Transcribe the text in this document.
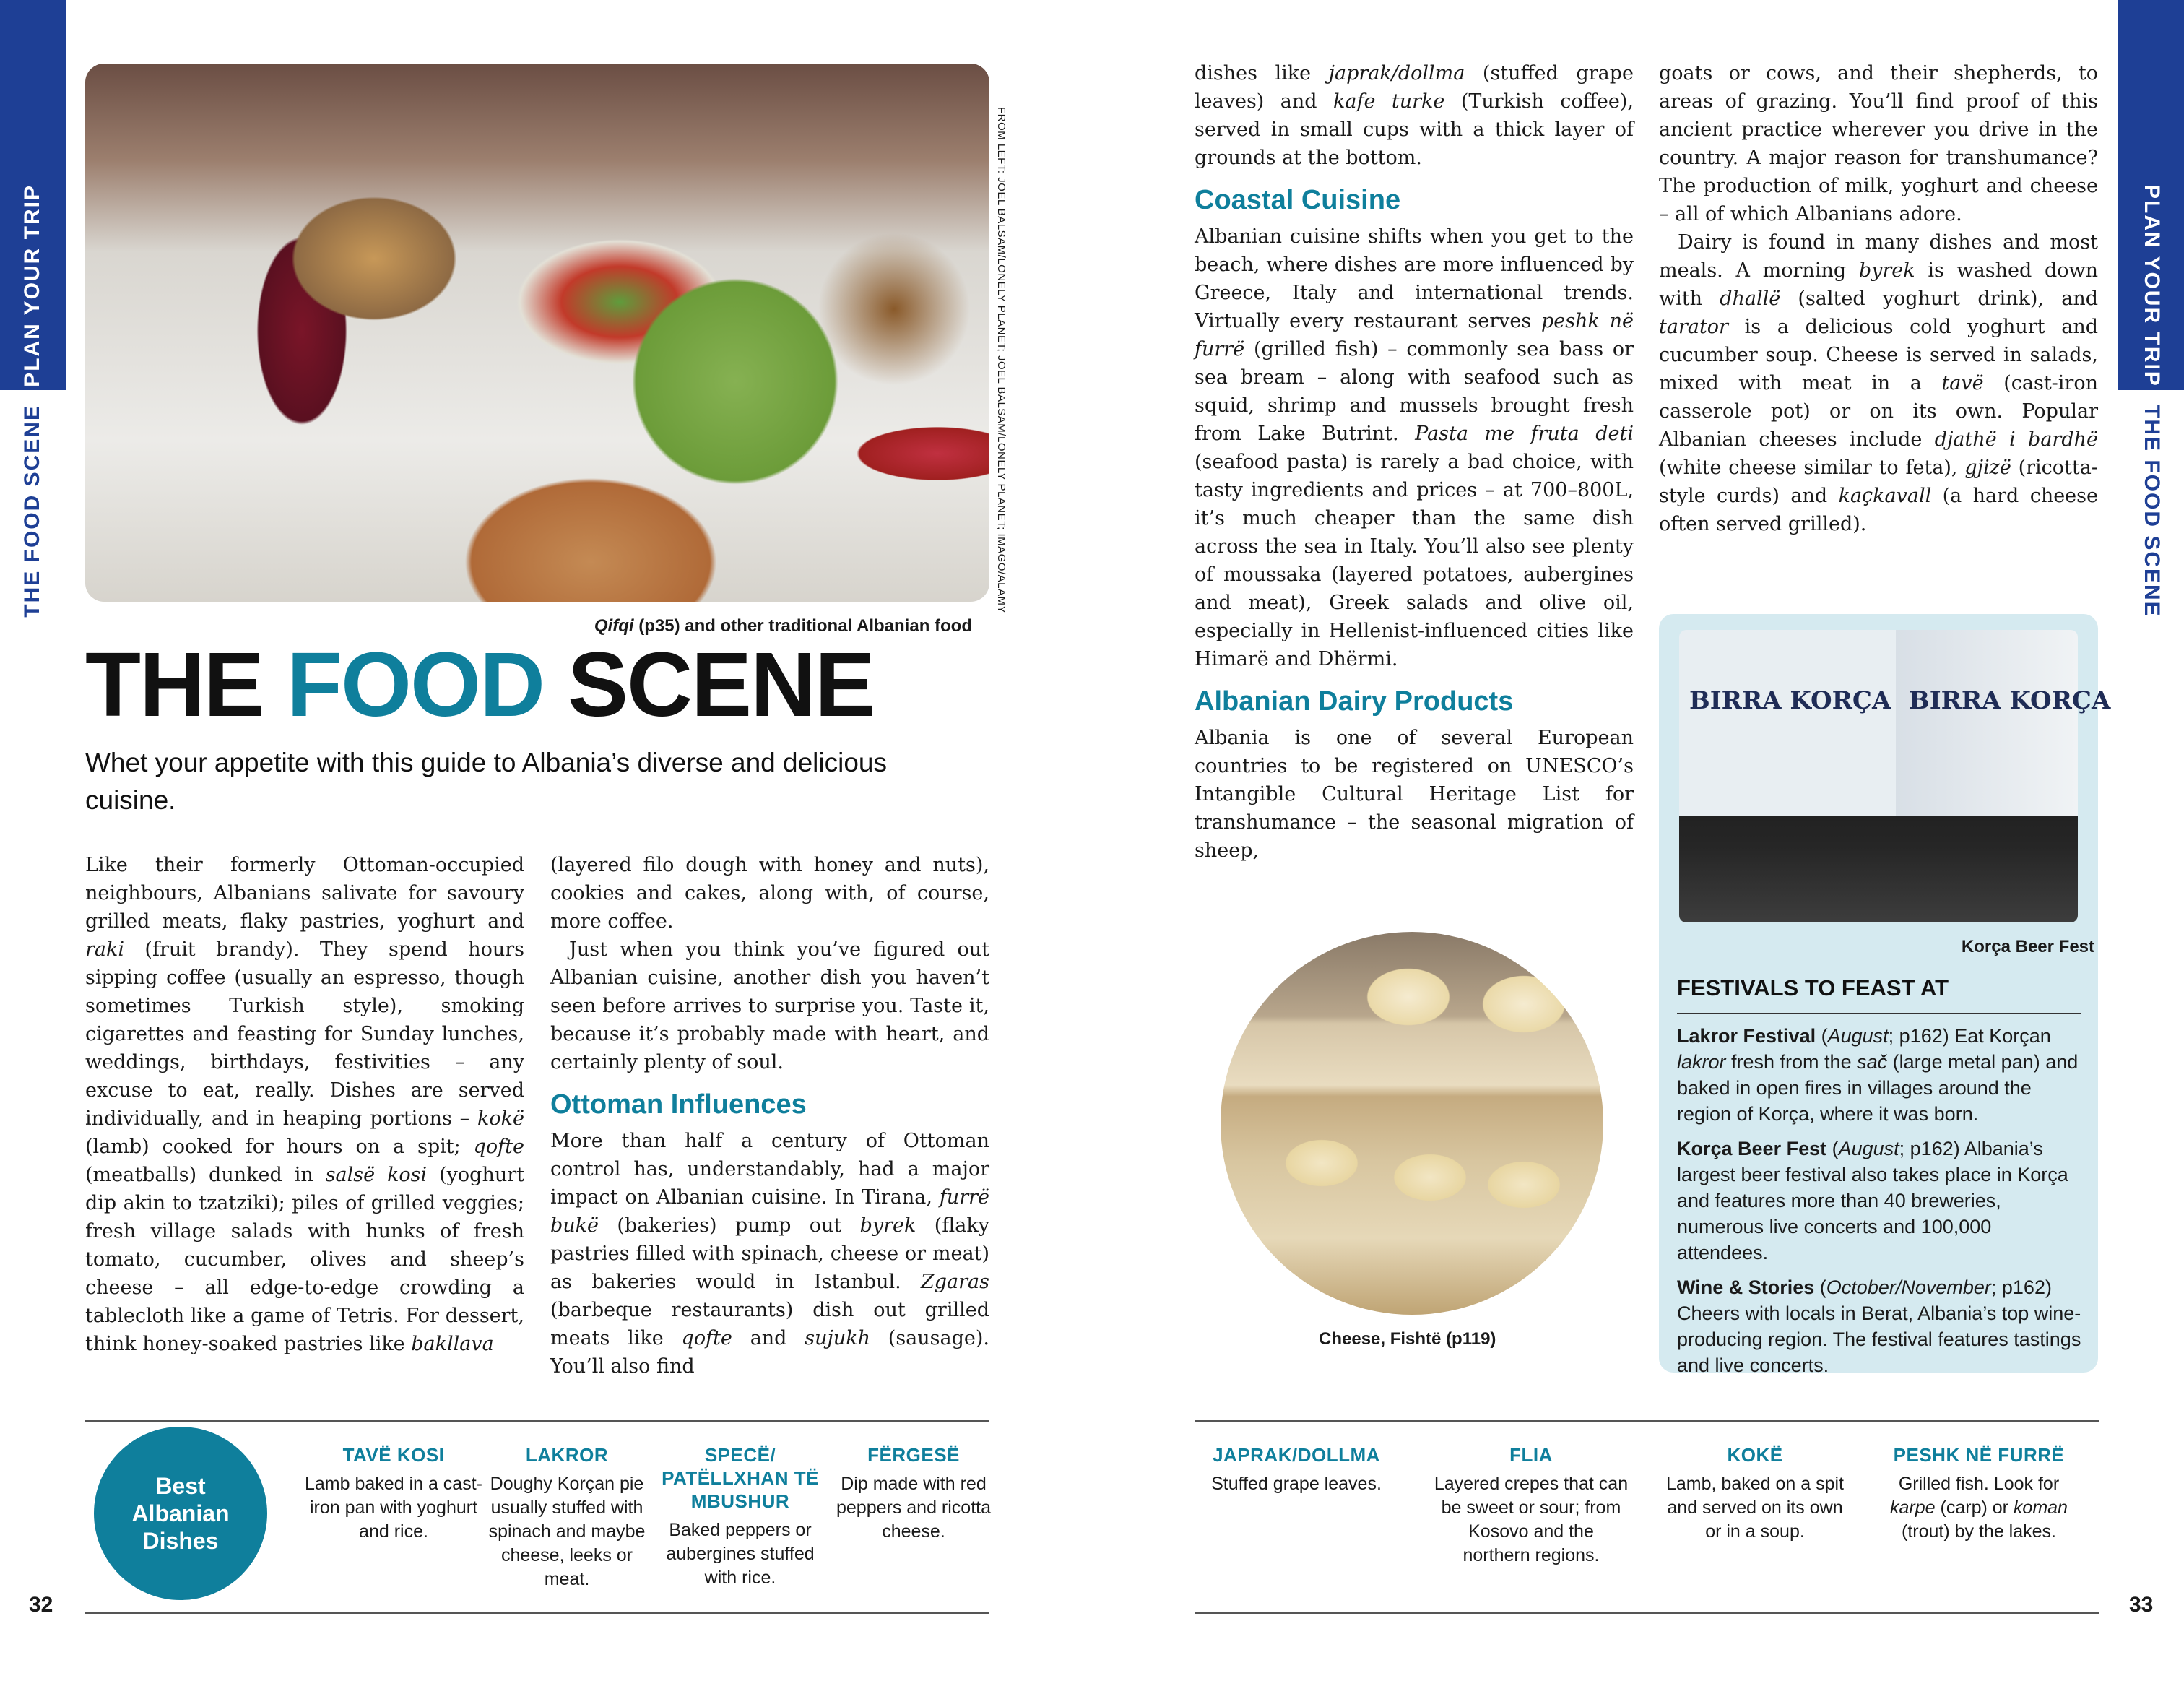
PLAN YOUR TRIP
THE FOOD SCENE
PLAN YOUR TRIP
THE FOOD SCENE
32	33
FROM LEFT: JOEL BALSAM/LONELY PLANET; JOEL BALSAM/LONELY PLANET; IMAGO/ALAMY
Qifqi (p35) and other traditional Albanian food
THE FOOD SCENE
Whet your appetite with this guide to Albania’s diverse and delicious cuisine.

Like their formerly Ottoman-occupied neighbours, Albanians salivate for savoury grilled meats, flaky pastries, yoghurt and raki (fruit brandy). They spend hours sipping coffee (usually an espresso, though sometimes Turkish style), smoking cigarettes and feasting for Sunday lunches, weddings, birthdays, festivities – any excuse to eat, really. Dishes are served individually, and in heaping portions – kokë (lamb) cooked for hours on a spit; qofte (meatballs) dunked in salsë kosi (yoghurt dip akin to tzatziki); piles of grilled veggies; fresh village salads with hunks of fresh tomato, cucumber, olives and sheep’s cheese – all edge-to-edge crowding a tablecloth like a game of Tetris. For dessert, think honey-soaked pastries like bakllava

(layered filo dough with honey and nuts), cookies and cakes, along with, of course, more coffee.

Just when you think you’ve figured out Albanian cuisine, another dish you haven’t seen before arrives to surprise you. Taste it, because it’s probably made with heart, and certainly plenty of soul.

Ottoman Influences

More than half a century of Ottoman control has, understandably, had a major impact on Albanian cuisine. In Tirana, furrë bukë (bakeries) pump out byrek (flaky pastries filled with spinach, cheese or meat) as bakeries would in Istanbul. Zgaras (barbeque restaurants) dish out grilled meats like qofte and sujukh (sausage). You’ll also find

dishes like japrak/dollma (stuffed grape leaves) and kafe turke (Turkish coffee), served in small cups with a thick layer of grounds at the bottom.

Coastal Cuisine

Albanian cuisine shifts when you get to the beach, where dishes are more influenced by Greece, Italy and international trends. Virtually every restaurant serves peshk në furrë (grilled fish) – commonly sea bass or sea bream – along with seafood such as squid, shrimp and mussels brought fresh from Lake Butrint. Pasta me fruta deti (seafood pasta) is rarely a bad choice, with tasty ingredients and prices – at 700–800L, it’s much cheaper than the same dish across the sea in Italy. You’ll also see plenty of moussaka (layered potatoes, aubergines and meat), Greek salads and olive oil, especially in Hellenist-influenced cities like Himarë and Dhërmi.

Albanian Dairy Products

Albania is one of several European countries to be registered on UNESCO’s Intangible Cultural Heritage List for transhumance – the seasonal migration of sheep,

goats or cows, and their shepherds, to areas of grazing. You’ll find proof of this ancient practice wherever you drive in the country. A major reason for transhumance? The production of milk, yoghurt and cheese – all of which Albanians adore.

Dairy is found in many dishes and most meals. A morning byrek is washed down with dhallë (salted yoghurt drink), and tarator is a delicious cold yoghurt and cucumber soup. Cheese is served in salads, mixed with meat in a tavë (cast-iron casserole pot) or on its own. Popular Albanian cheeses include djathë i bardhë (white cheese similar to feta), gjizë (ricotta-style curds) and kaçkavall (a hard cheese often served grilled).

BIRRA KORÇA BIRRA KORÇA
Korça Beer Fest
FESTIVALS TO FEAST AT

Lakror Festival (August; p162) Eat Korçan lakror fresh from the sač (large metal pan) and baked in open fires in villages around the region of Korça, where it was born.

Korça Beer Fest (August; p162) Albania’s largest beer festival also takes place in Korça and features more than 40 breweries, numerous live concerts and 100,000 attendees.

Wine & Stories (October/November; p162) Cheers with locals in Berat, Albania’s top wine-producing region. The festival features tastings and live concerts.

Cheese, Fishtë (p119)
Best Albanian Dishes
TAVË KOSI
Lamb baked in a cast-iron pan with yoghurt and rice.
LAKROR
Doughy Korçan pie usually stuffed with spinach and maybe cheese, leeks or meat.
SPECË/ PATËLLXHAN TË MBUSHUR
Baked peppers or aubergines stuffed with rice.
FËRGESË
Dip made with red peppers and ricotta cheese.
JAPRAK/DOLLMA
Stuffed grape leaves.
FLIA
Layered crepes that can be sweet or sour; from Kosovo and the northern regions.
KOKË
Lamb, baked on a spit and served on its own or in a soup.
PESHK NË FURRË
Grilled fish. Look for karpe (carp) or koman (trout) by the lakes.
